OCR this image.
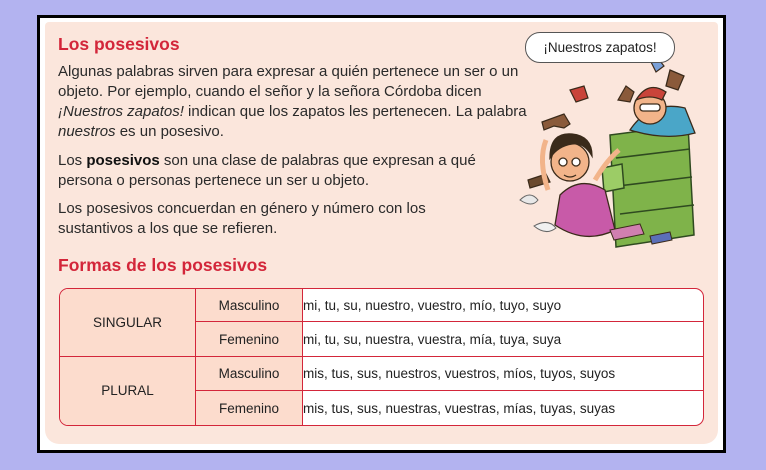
Los posesivos

Algunas palabras sirven para expresar a quién pertenece un ser o un objeto. Por ejemplo, cuando el señor y la señora Córdoba dicen ¡Nuestros zapatos! indican que los zapatos les pertenecen. La palabra nuestros es un posesivo.

Los posesivos son una clase de palabras que expresan a qué persona o personas pertenece un ser u objeto.

Los posesivos concuerdan en género y número con los sustantivos a los que se refieren.

¡Nuestros zapatos!
Formas de los posesivos
SINGULAR	Masculino	mi, tu, su, nuestro, vuestro, mío, tuyo, suyo
	Femenino	mi, tu, su, nuestra, vuestra, mía, tuya, suya
PLURAL	Masculino	mis, tus, sus, nuestros, vuestros, míos, tuyos, suyos
	Femenino	mis, tus, sus, nuestras, vuestras, mías, tuyas, suyas
